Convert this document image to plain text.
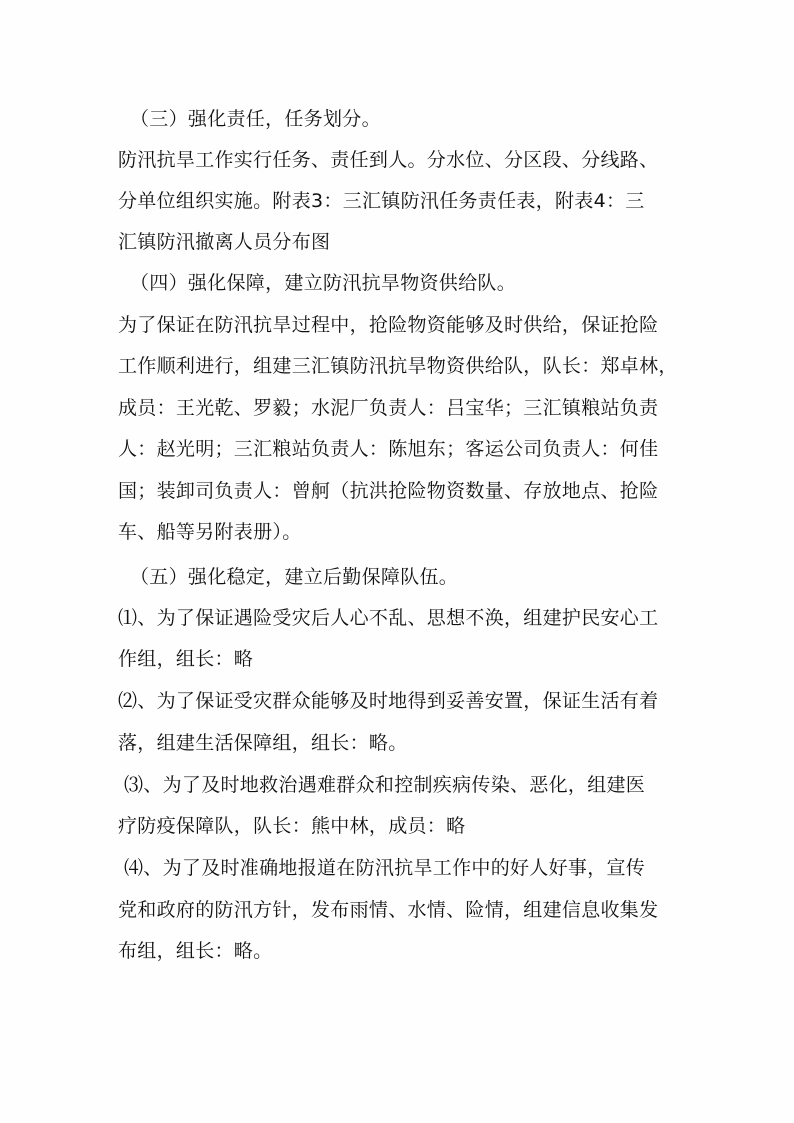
（三）强化责任，任务划分。
防汛抗旱工作实行任务、责任到人。分水位、分区段、分线路、
分单位组织实施。附表3：三汇镇防汛任务责任表，附表4：三
汇镇防汛撤离人员分布图
（四）强化保障，建立防汛抗旱物资供给队。
为了保证在防汛抗旱过程中，抢险物资能够及时供给，保证抢险
工作顺利进行，组建三汇镇防汛抗旱物资供给队，队长：郑卓林，
成员：王光乾、罗毅；水泥厂负责人：吕宝华；三汇镇粮站负责
人：赵光明；三汇粮站负责人：陈旭东；客运公司负责人：何佳
国；装卸司负责人：曾舸（抗洪抢险物资数量、存放地点、抢险
车、船等另附表册）。
（五）强化稳定，建立后勤保障队伍。
⑴、为了保证遇险受灾后人心不乱、思想不涣，组建护民安心工
作组，组长：略
⑵、为了保证受灾群众能够及时地得到妥善安置，保证生活有着
落，组建生活保障组，组长：略。
⑶、为了及时地救治遇难群众和控制疾病传染、恶化，组建医
疗防疫保障队，队长：熊中林，成员：略
⑷、为了及时准确地报道在防汛抗旱工作中的好人好事，宣传
党和政府的防汛方针，发布雨情、水情、险情，组建信息收集发
布组，组长：略。
